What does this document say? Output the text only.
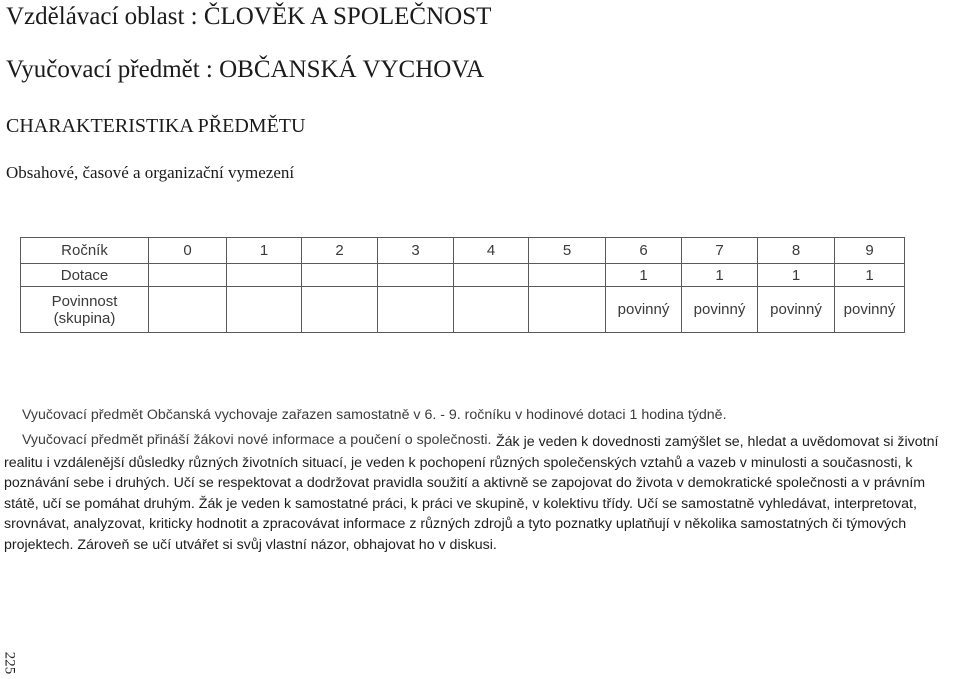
Vzdělávací oblast : ČLOVĚK A SPOLEČNOST
Vyučovací předmět : OBČANSKÁ VYCHOVA
CHARAKTERISTIKA PŘEDMĚTU
Obsahové, časové a organizační vymezení
Ročník	0	1	2	3	4	5	6	7	8	9
Dotace							1	1	1	1
Povinnost (skupina)							povinný	povinný	povinný	povinný
Vyučovací předmět Občanská vychovaje zařazen samostatně v 6. - 9. ročníku v hodinové dotaci 1 hodina týdně.
Vyučovací předmět přináší žákovi nové informace a poučení o společnosti. Žák je veden k dovednosti zamýšlet se, hledat a uvědomovat si životní realitu i vzdálenější důsledky různých životních situací, je veden k pochopení různých společenských vztahů a vazeb v minulosti a současnosti, k poznávání sebe i druhých. Učí se respektovat a dodržovat pravidla soužití a aktivně se zapojovat do života v demokratické společnosti a v právním státě, učí se pomáhat druhým. Žák je veden k samostatné práci, k práci ve skupině, v kolektivu třídy. Učí se samostatně vyhledávat, interpretovat, srovnávat, analyzovat, kriticky hodnotit a zpracovávat informace z různých zdrojů a tyto poznatky uplatňují v několika samostatných či týmových projektech. Zároveň se učí utvářet si svůj vlastní názor, obhajovat ho v diskusi.

225
